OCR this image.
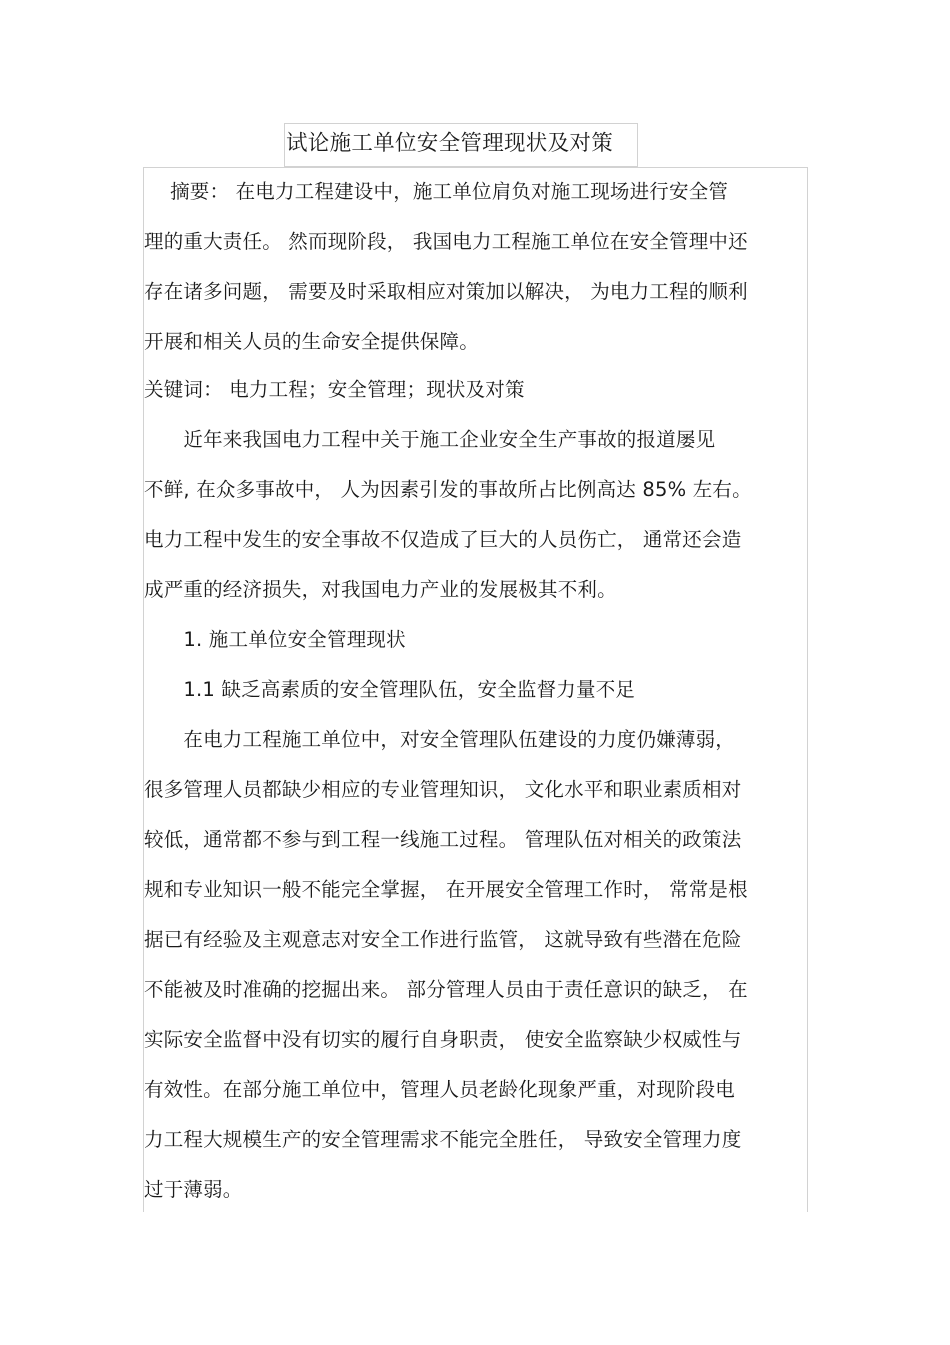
试论施工单位安全管理现状及对策
　 摘要： 在电力工程建设中，施工单位肩负对施工现场进行安全管
理的重大责任。 然而现阶段， 我国电力工程施工单位在安全管理中还
存在诸多问题， 需要及时采取相应对策加以解决， 为电力工程的顺利
开展和相关人员的生命安全提供保障。
关键词： 电力工程；安全管理；现状及对策
　　近年来我国电力工程中关于施工企业安全生产事故的报道屡见
不鲜, 在众多事故中， 人为因素引发的事故所占比例高达 85% 左右。
电力工程中发生的安全事故不仅造成了巨大的人员伤亡， 通常还会造
成严重的经济损失，对我国电力产业的发展极其不利。
　　1. 施工单位安全管理现状
　　1.1 缺乏高素质的安全管理队伍，安全监督力量不足
　　在电力工程施工单位中，对安全管理队伍建设的力度仍嫌薄弱，
很多管理人员都缺少相应的专业管理知识， 文化水平和职业素质相对
较低，通常都不参与到工程一线施工过程。 管理队伍对相关的政策法
规和专业知识一般不能完全掌握， 在开展安全管理工作时， 常常是根
据已有经验及主观意志对安全工作进行监管， 这就导致有些潜在危险
不能被及时准确的挖掘出来。 部分管理人员由于责任意识的缺乏， 在
实际安全监督中没有切实的履行自身职责， 使安全监察缺少权威性与
有效性。在部分施工单位中，管理人员老龄化现象严重，对现阶段电
力工程大规模生产的安全管理需求不能完全胜任， 导致安全管理力度
过于薄弱。
